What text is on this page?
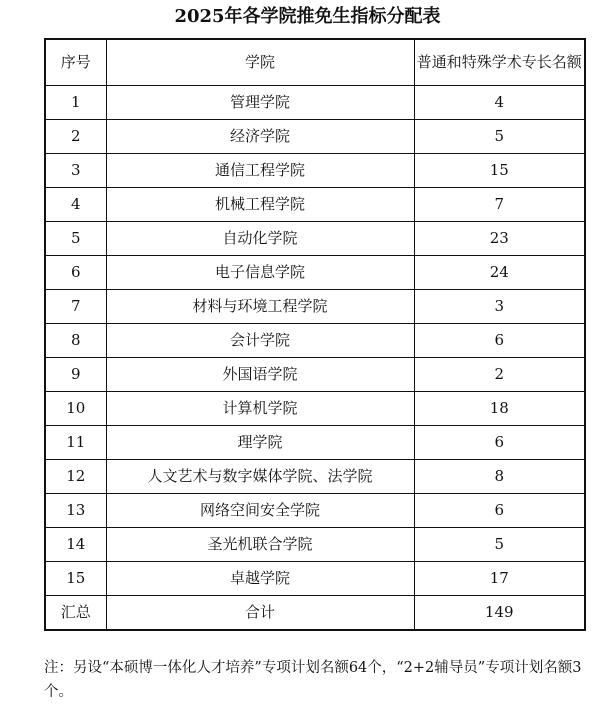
2025年各学院推免生指标分配表
序号	学院	普通和特殊学术专长名额
1	管理学院	4
2	经济学院	5
3	通信工程学院	15
4	机械工程学院	7
5	自动化学院	23
6	电子信息学院	24
7	材料与环境工程学院	3
8	会计学院	6
9	外国语学院	2
10	计算机学院	18
11	理学院	6
12	人文艺术与数字媒体学院、法学院	8
13	网络空间安全学院	6
14	圣光机联合学院	5
15	卓越学院	17
汇总	合计	149
注：另设“本硕博一体化人才培养”专项计划名额64个，“2+2辅导员”专项计划名额3个。
